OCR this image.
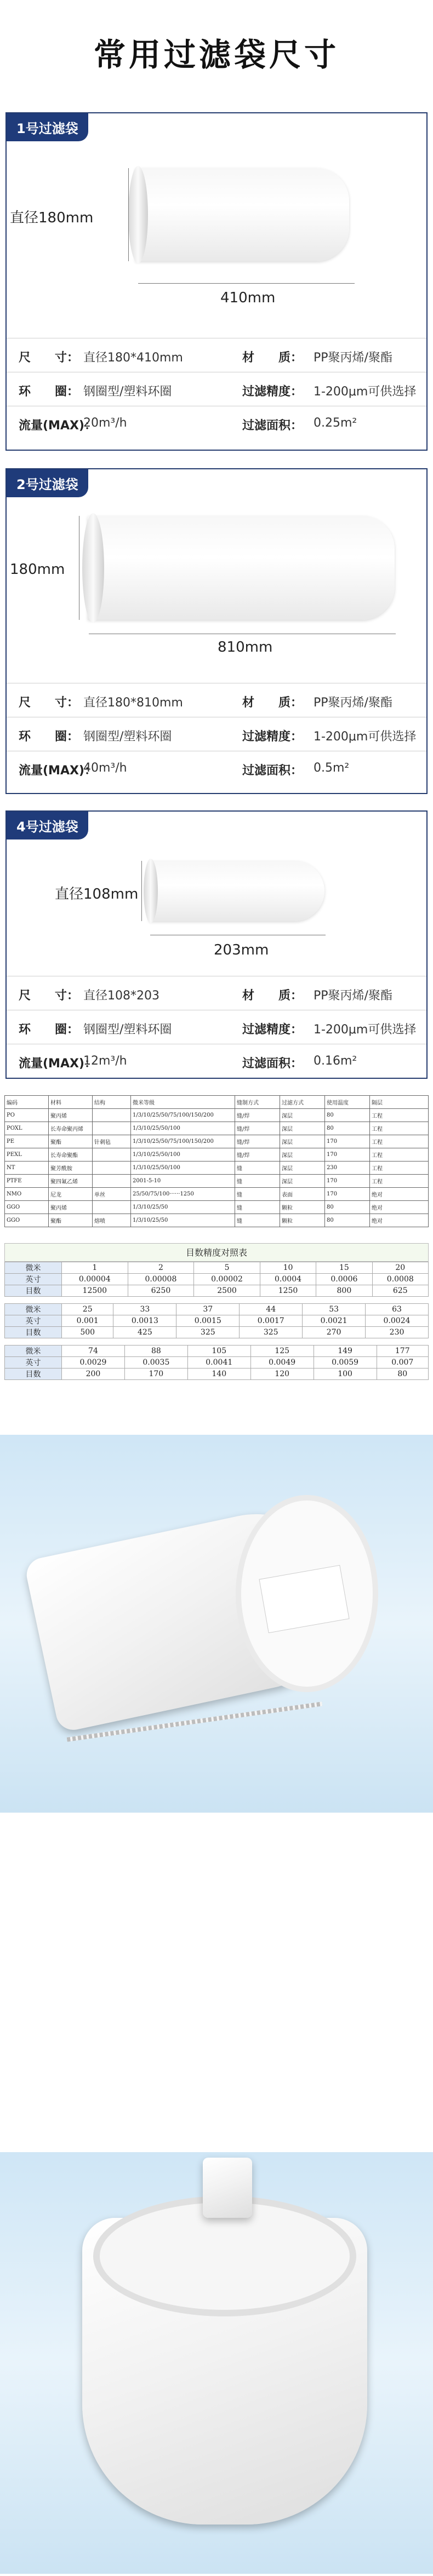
常用过滤袋尺寸
1号过滤袋
直径180mm
410mm
尺　　寸： 直径180*410mm	材　　质： PP聚丙烯/聚酯
环　　圈： 钢圈型/塑料环圈	过滤精度： 1-200μm可供选择
流量(MAX)：
20m³/h	过滤面积： 0.25m²
2号过滤袋
180mm
810mm
尺　　寸： 直径180*810mm	材　　质： PP聚丙烯/聚酯
环　　圈： 钢圈型/塑料环圈	过滤精度： 1-200μm可供选择
流量(MAX)：
40m³/h	过滤面积： 0.5m²
4号过滤袋
直径108mm
203mm
尺　　寸： 直径108*203	材　　质： PP聚丙烯/聚酯
环　　圈： 钢圈型/塑料环圈	过滤精度： 1-200μm可供选择
流量(MAX)：
12m³/h	过滤面积： 0.16m²
编码	材料	结构	微米等级	缝制方式	过滤方式	使用温度	隔层
PO	聚丙烯		1/3/10/25/50/75/100/150/200	缝/焊	深层	80	工程
POXL	长寿命聚丙烯		1/3/10/25/50/100	缝/焊	深层	80	工程
PE	聚酯	针刺毡	1/3/10/25/50/75/100/150/200	缝/焊	深层	170	工程
PEXL	长寿命聚酯		1/3/10/25/50/100	缝/焊	深层	170	工程
NT	聚芳酰胺		1/3/10/25/50/100	缝	深层	230	工程
PTFE	聚四氟乙烯		2001-5-10	缝	深层	170	工程
NMO	尼龙	单丝	25/50/75/100······1250	缝	表面	170	绝对
GGO	聚丙烯		1/3/10/25/50	缝	颗粒	80	绝对
GGO	聚酯	熔喷	1/3/10/25/50	缝	颗粒	80	绝对
目数精度对照表
微米	1	2	5	10	15	20
英寸	0.00004	0.00008	0.00002	0.0004	0.0006	0.0008
目数	12500	6250	2500	1250	800	625
微米	25	33	37	44	53	63
英寸	0.001	0.0013	0.0015	0.0017	0.0021	0.0024
目数	500	425	325	325	270	230
微米	74	88	105	125	149	177
英寸	0.0029	0.0035	0.0041	0.0049	0.0059	0.007
目数	200	170	140	120	100	80
